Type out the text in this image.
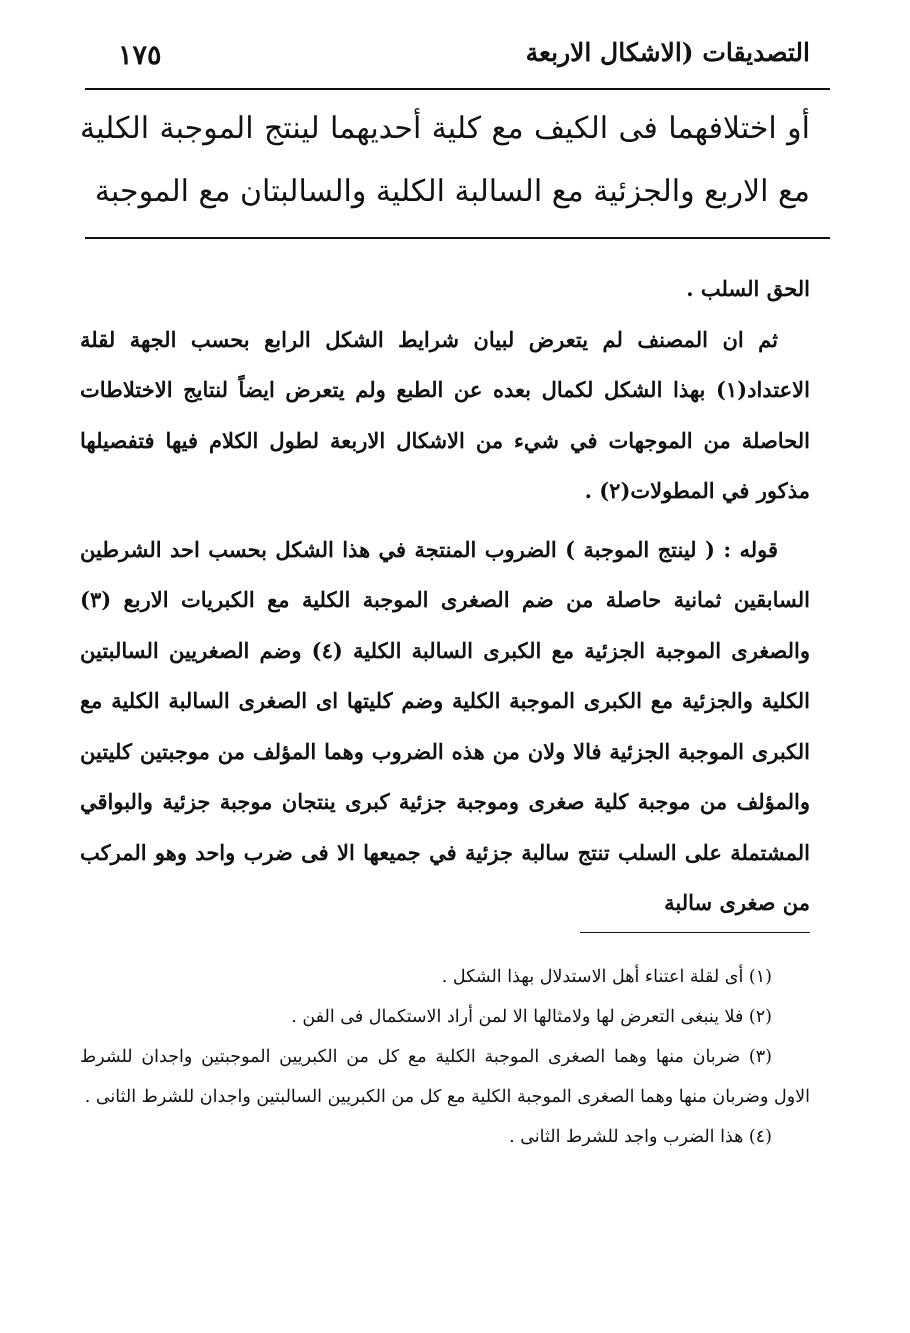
التصديقات (الاشكال الاربعة
١٧٥
أو اختلافهما فى الكيف مع كلية أحديهما لينتج الموجبة الكلية مع الاربع والجزئية مع السالبة الكلية والسالبتان مع الموجبة

الحق السلب .

ثم ان المصنف لم يتعرض لبيان شرايط الشكل الرابع بحسب الجهة لقلة الاعتداد(١) بهذا الشكل لكمال بعده عن الطبع ولم يتعرض ايضاً لنتايج الاختلاطات الحاصلة من الموجهات في شيء من الاشكال الاربعة لطول الكلام فيها فتفصيلها مذكور في المطولات(٢) .

قوله : ( لينتج الموجبة ) الضروب المنتجة في هذا الشكل بحسب احد الشرطين السابقين ثمانية حاصلة من ضم الصغرى الموجبة الكلية مع الكبريات الاربع (٣) والصغرى الموجبة الجزئية مع الكبرى السالبة الكلية (٤) وضم الصغريين السالبتين الكلية والجزئية مع الكبرى الموجبة الكلية وضم كليتها اى الصغرى السالبة الكلية مع الكبرى الموجبة الجزئية فالا ولان من هذه الضروب وهما المؤلف من موجبتين كليتين والمؤلف من موجبة كلية صغرى وموجبة جزئية كبرى ينتجان موجبة جزئية والبواقي المشتملة على السلب تنتج سالبة جزئية في جميعها الا فى ضرب واحد وهو المركب من صغرى سالبة

(١) أى لقلة اعتناء أهل الاستدلال بهذا الشكل .

(٢) فلا ينبغى التعرض لها ولامثالها الا لمن أراد الاستكمال فى الفن .

(٣) ضربان منها وهما الصغرى الموجبة الكلية مع كل من الكبريين الموجبتين واجدان للشرط الاول وضربان منها وهما الصغرى الموجبة الكلية مع كل من الكبريين السالبتين واجدان للشرط الثانى .

(٤) هذا الضرب واجد للشرط الثانى .
